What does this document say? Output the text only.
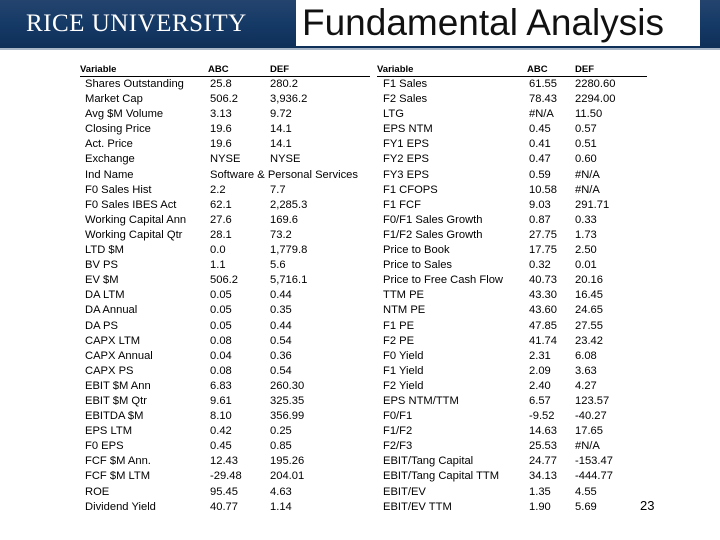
RICE UNIVERSITY Fundamental Analysis
Variable	ABC	DEF
Shares Outstanding 25.8	280.2
Market Cap	506.2	3,936.2
Avg $M Volume	3.13	9.72
Closing Price	19.6	14.1
Act. Price	19.6	14.1
Exchange	NYSE	NYSE
Ind Name	Software & Personal Services
F0 Sales Hist	2.2	7.7
F0 Sales IBES Act	62.1	2,285.3
Working Capital Ann 27.6	169.6
Working Capital Qtr 28.1	73.2
LTD $M	0.0	1,779.8
BV PS	1.1	5.6
EV $M	506.2	5,716.1
DA LTM	0.05	0.44
DA Annual	0.05	0.35
DA PS	0.05	0.44
CAPX LTM	0.08	0.54
CAPX Annual	0.04	0.36
CAPX PS	0.08	0.54
EBIT $M Ann	6.83	260.30
EBIT $M Qtr	9.61	325.35
EBITDA $M	8.10	356.99
EPS LTM	0.42	0.25
F0 EPS	0.45	0.85
FCF $M Ann.	12.43	195.26
FCF $M LTM	-29.48	204.01
ROE	95.45	4.63
Dividend Yield	40.77	1.14
Variable	ABC	DEF
F1 Sales	61.55 2280.60
F2 Sales	78.43 2294.00
LTG	#N/A 11.50
EPS NTM	0.45 0.57
FY1 EPS	0.41 0.51
FY2 EPS	0.47 0.60
FY3 EPS	0.59 #N/A
F1 CFOPS	10.58 #N/A
F1 FCF	9.03 291.71
F0/F1 Sales Growth	0.87 0.33
F1/F2 Sales Growth	27.75 1.73
Price to Book	17.75 2.50
Price to Sales	0.32 0.01
Price to Free Cash Flow 40.73 20.16
TTM PE	43.30 16.45
NTM PE	43.60 24.65
F1 PE	47.85 27.55
F2 PE	41.74 23.42
F0 Yield	2.31 6.08
F1 Yield	2.09 3.63
F2 Yield	2.40 4.27
EPS NTM/TTM	6.57 123.57
F0/F1	-9.52 -40.27
F1/F2	14.63 17.65
F2/F3	25.53 #N/A
EBIT/Tang Capital	24.77 -153.47
EBIT/Tang Capital TTM	34.13 -444.77
EBIT/EV	1.35 4.55
EBIT/EV TTM	1.90 5.69	23
